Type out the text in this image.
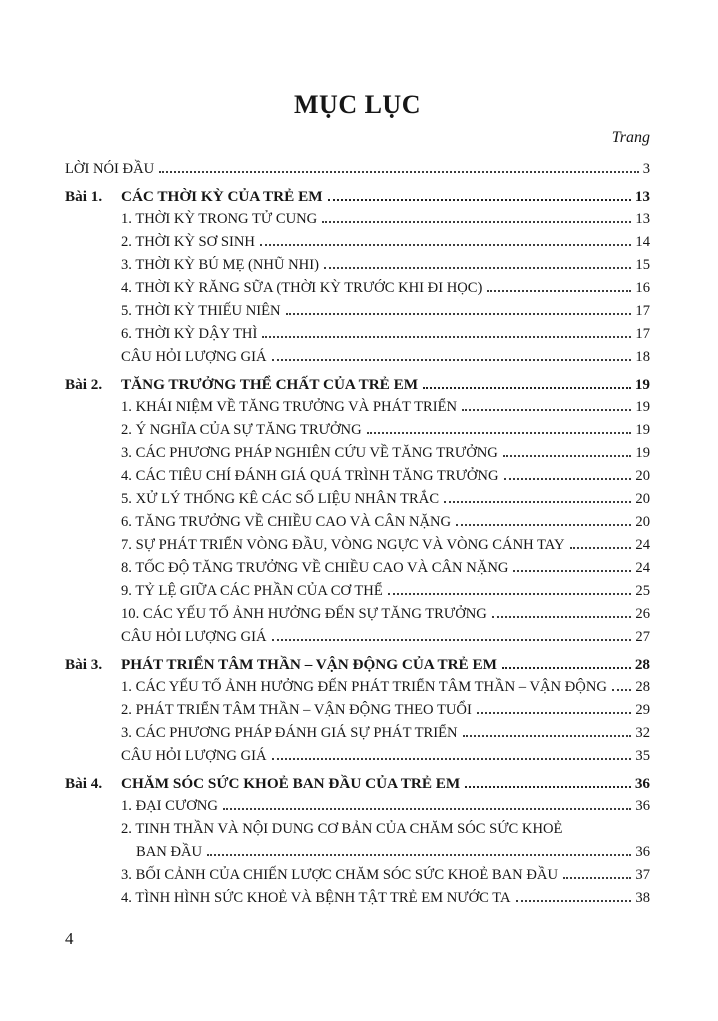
MỤC LỤC
Trang
LỜI NÓI ĐẦU	3
Bài 1.	CÁC THỜI KỲ CỦA TRẺ EM	13
1. THỜI KỲ TRONG TỬ CUNG	13
2. THỜI KỲ SƠ SINH	14
3. THỜI KỲ BÚ MẸ (NHŨ NHI)	15
4. THỜI KỲ RĂNG SỮA (THỜI KỲ TRƯỚC KHI ĐI HỌC)	16
5. THỜI KỲ THIẾU NIÊN	17
6. THỜI KỲ DẬY THÌ	17
CÂU HỎI LƯỢNG GIÁ	18
Bài 2.	TĂNG TRƯỞNG THỂ CHẤT CỦA TRẺ EM	19
1. KHÁI NIỆM VỀ TĂNG TRƯỞNG VÀ PHÁT TRIỂN	19
2. Ý NGHĨA CỦA SỰ TĂNG TRƯỞNG	19
3. CÁC PHƯƠNG PHÁP NGHIÊN CỨU VỀ TĂNG TRƯỞNG	19
4. CÁC TIÊU CHÍ ĐÁNH GIÁ QUÁ TRÌNH TĂNG TRƯỞNG	20
5. XỬ LÝ THỐNG KÊ CÁC SỐ LIỆU NHÂN TRẮC	20
6. TĂNG TRƯỞNG VỀ CHIỀU CAO VÀ CÂN NẶNG	20
7. SỰ PHÁT TRIỂN VÒNG ĐẦU, VÒNG NGỰC VÀ VÒNG CÁNH TAY	24
8. TỐC ĐỘ TĂNG TRƯỞNG VỀ CHIỀU CAO VÀ CÂN NẶNG	24
9. TỶ LỆ GIỮA CÁC PHẦN CỦA CƠ THỂ	25
10. CÁC YẾU TỐ ẢNH HƯỞNG ĐẾN SỰ TĂNG TRƯỞNG	26
CÂU HỎI LƯỢNG GIÁ	27
Bài 3.	PHÁT TRIỂN TÂM THẦN – VẬN ĐỘNG CỦA TRẺ EM	28
1. CÁC YẾU TỐ ẢNH HƯỞNG ĐẾN PHÁT TRIỂN TÂM THẦN – VẬN ĐỘNG 28
2. PHÁT TRIỂN TÂM THẦN – VẬN ĐỘNG THEO TUỔI	29
3. CÁC PHƯƠNG PHÁP ĐÁNH GIÁ SỰ PHÁT TRIỂN	32
CÂU HỎI LƯỢNG GIÁ	35
Bài 4.	CHĂM SÓC SỨC KHOẺ BAN ĐẦU CỦA TRẺ EM	36
1. ĐẠI CƯƠNG	36
2. TINH THẦN VÀ NỘI DUNG CƠ BẢN CỦA CHĂM SÓC SỨC KHOẺ
BAN ĐẦU	36
3. BỐI CẢNH CỦA CHIẾN LƯỢC CHĂM SÓC SỨC KHOẺ BAN ĐẦU	37
4. TÌNH HÌNH SỨC KHOẺ VÀ BỆNH TẬT TRẺ EM NƯỚC TA	38
4
